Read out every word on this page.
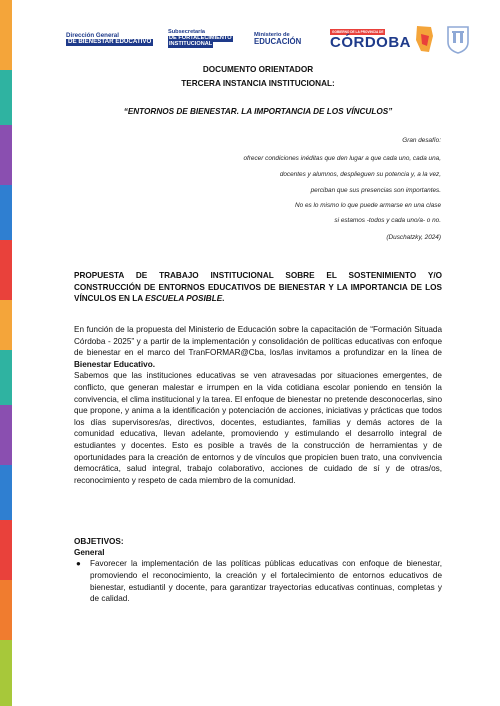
Dirección General
DE BIENESTAR EDUCATIVO
Subsecretaría
DE FORTALECIMIENTO INSTITUCIONAL
Ministerio de
EDUCACIÓN
GOBIERNO DE LA PROVINCIA DE
CÓRDOBA
DOCUMENTO ORIENTADOR
TERCERA INSTANCIA INSTITUCIONAL:
“ENTORNOS DE BIENESTAR. LA IMPORTANCIA DE LOS VÍNCULOS”
Gran desafío:
ofrecer condiciones inéditas que den lugar a que cada uno, cada una,
docentes y alumnos, desplieguen su potencia y, a la vez,
perciban que sus presencias son importantes.
No es lo mismo lo que puede armarse en una clase
si estamos -todos y cada uno/a- o no.
(Duschatzky, 2024)
PROPUESTA DE TRABAJO INSTITUCIONAL SOBRE EL SOSTENIMIENTO Y/O CONSTRUCCIÓN DE ENTORNOS EDUCATIVOS DE BIENESTAR Y LA IMPORTANCIA DE LOS VÍNCULOS EN LA ESCUELA POSIBLE.
En función de la propuesta del Ministerio de Educación sobre la capacitación de “Formación Situada Córdoba - 2025” y a partir de la implementación y consolidación de políticas educativas con enfoque de bienestar en el marco del TranFORMAR@Cba, los/las invitamos a profundizar en la línea de Bienestar Educativo.
Sabemos que las instituciones educativas se ven atravesadas por situaciones emergentes, de conflicto, que generan malestar e irrumpen en la vida cotidiana escolar poniendo en tensión la convivencia, el clima institucional y la tarea. El enfoque de bienestar no pretende desconocerlas, sino que propone, y anima a la identificación y potenciación de acciones, iniciativas y prácticas que todos los días supervisores/as, directivos, docentes, estudiantes, familias y demás actores de la comunidad educativa, llevan adelante, promoviendo y estimulando el desarrollo integral de estudiantes y docentes. Esto es posible a través de la construcción de herramientas y de oportunidades para la creación de entornos y de vínculos que propicien buen trato, una convivencia democrática, salud integral, trabajo colaborativo, acciones de cuidado de sí y de otras/os, reconocimiento y respeto de cada miembro de la comunidad.
OBJETIVOS:
General
● Favorecer la implementación de las políticas públicas educativas con enfoque de bienestar, promoviendo el reconocimiento, la creación y el fortalecimiento de entornos educativos de bienestar, estudiantil y docente, para garantizar trayectorias educativas continuas, completas y de calidad.
